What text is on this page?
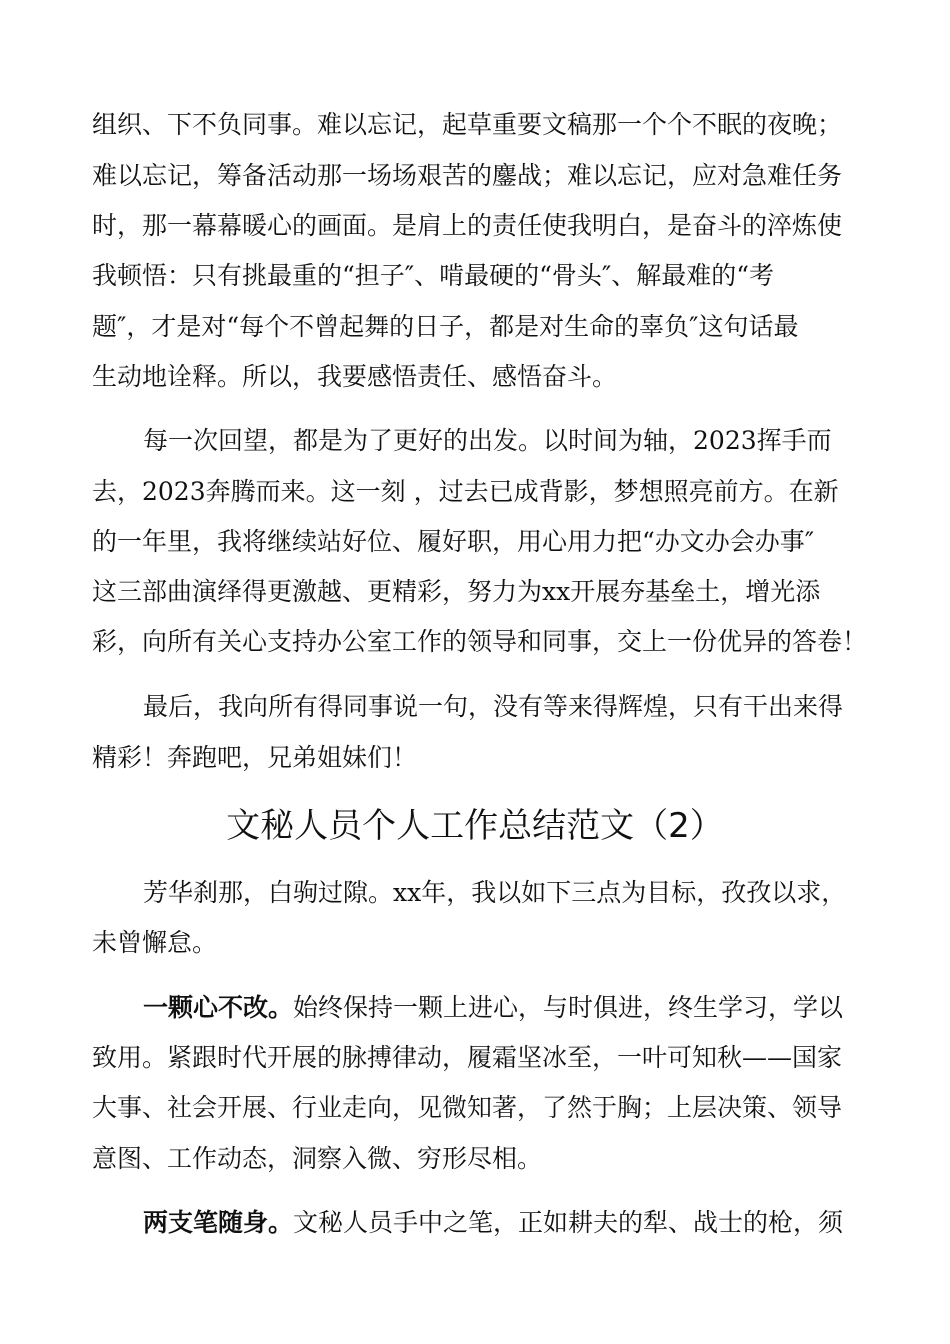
组织、下不负同事。难以忘记，起草重要文稿那一个个不眠的夜晚；
难以忘记，筹备活动那一场场艰苦的鏖战；难以忘记，应对急难任务
时，那一幕幕暖心的画面。是肩上的责任使我明白，是奋斗的淬炼使
我顿悟：只有挑最重的“担子″、啃最硬的“骨头″、解最难的“考
题″，才是对“每个不曾起舞的日子，都是对生命的辜负″这句话最
生动地诠释。所以，我要感悟责任、感悟奋斗。
每一次回望，都是为了更好的出发。以时间为轴，2023挥手而
去，2023奔腾而来。这一刻 ，过去已成背影，梦想照亮前方。在新
的一年里，我将继续站好位、履好职，用心用力把“办文办会办事″
这三部曲演绎得更激越、更精彩，努力为xx开展夯基垒土，增光添
彩，向所有关心支持办公室工作的领导和同事，交上一份优异的答卷！
最后，我向所有得同事说一句，没有等来得辉煌，只有干出来得
精彩！奔跑吧，兄弟姐妹们！
文秘人员个人工作总结范文（2）
芳华刹那，白驹过隙。xx年，我以如下三点为目标，孜孜以求，
未曾懈怠。
一颗心不改。始终保持一颗上进心，与时俱进，终生学习，学以
致用。紧跟时代开展的脉搏律动，履霜坚冰至，一叶可知秋——国家
大事、社会开展、行业走向，见微知著，了然于胸；上层决策、领导
意图、工作动态，洞察入微、穷形尽相。
两支笔随身。文秘人员手中之笔，正如耕夫的犁、战士的枪，须
